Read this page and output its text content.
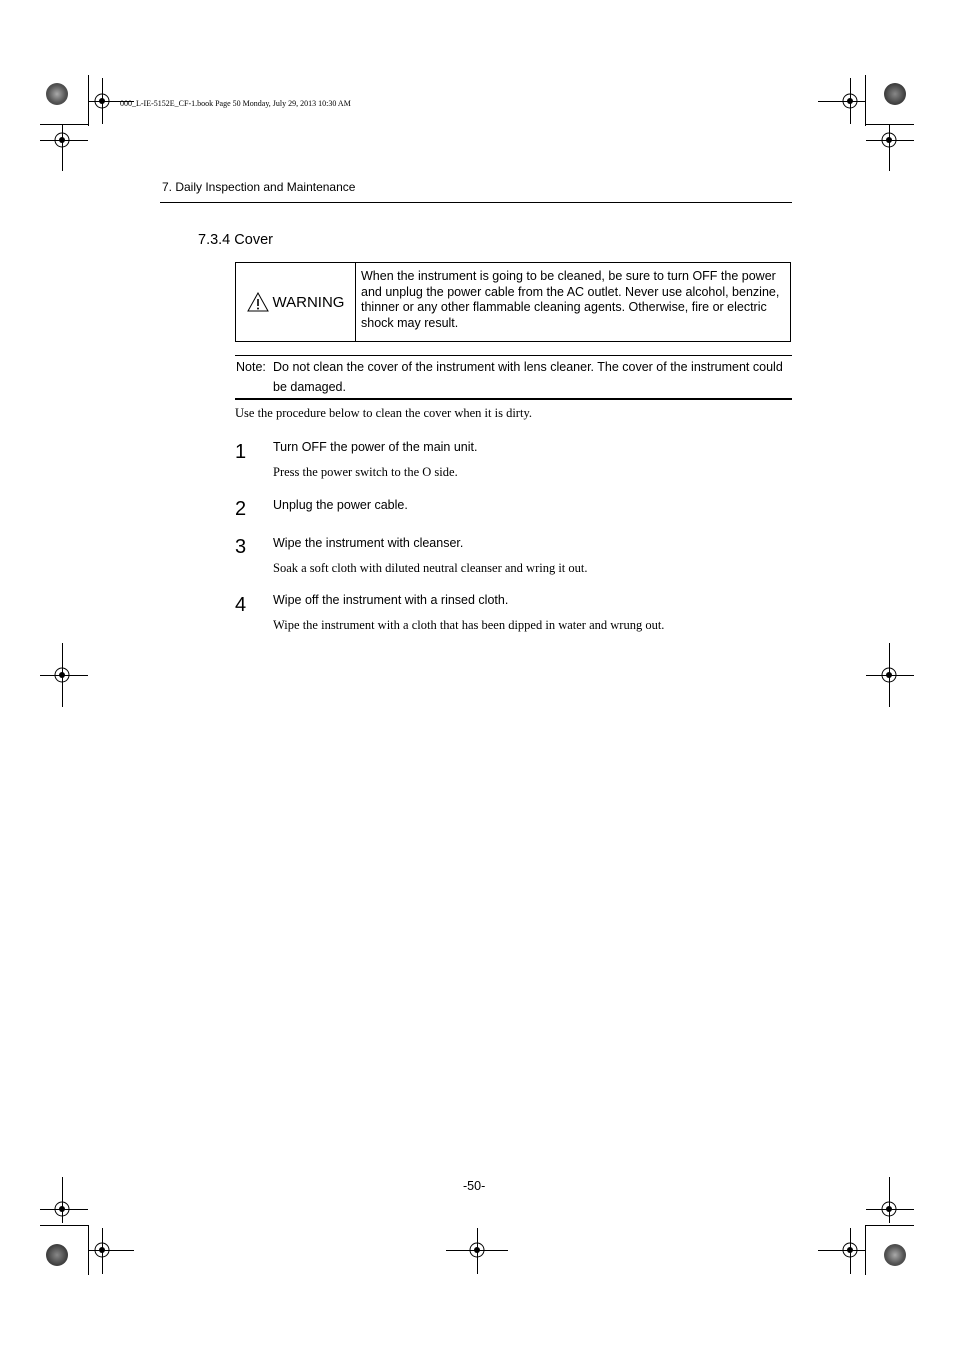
000_L-IE-5152E_CF-1.book Page 50 Monday, July 29, 2013 10:30 AM
7. Daily Inspection and Maintenance
7.3.4 Cover
WARNING
When the instrument is going to be cleaned, be sure to turn OFF the power and unplug the power cable from the AC outlet. Never use alcohol, benzine, thinner or any other flammable cleaning agents. Otherwise, fire or electric shock may result.
Note: Do not clean the cover of the instrument with lens cleaner. The cover of the instrument could be damaged.
Use the procedure below to clean the cover when it is dirty.
1 Turn OFF the power of the main unit.
Press the power switch to the O side.
2 Unplug the power cable.
3 Wipe the instrument with cleanser.
Soak a soft cloth with diluted neutral cleanser and wring it out.
4 Wipe off the instrument with a rinsed cloth.
Wipe the instrument with a cloth that has been dipped in water and wrung out.
-50-
